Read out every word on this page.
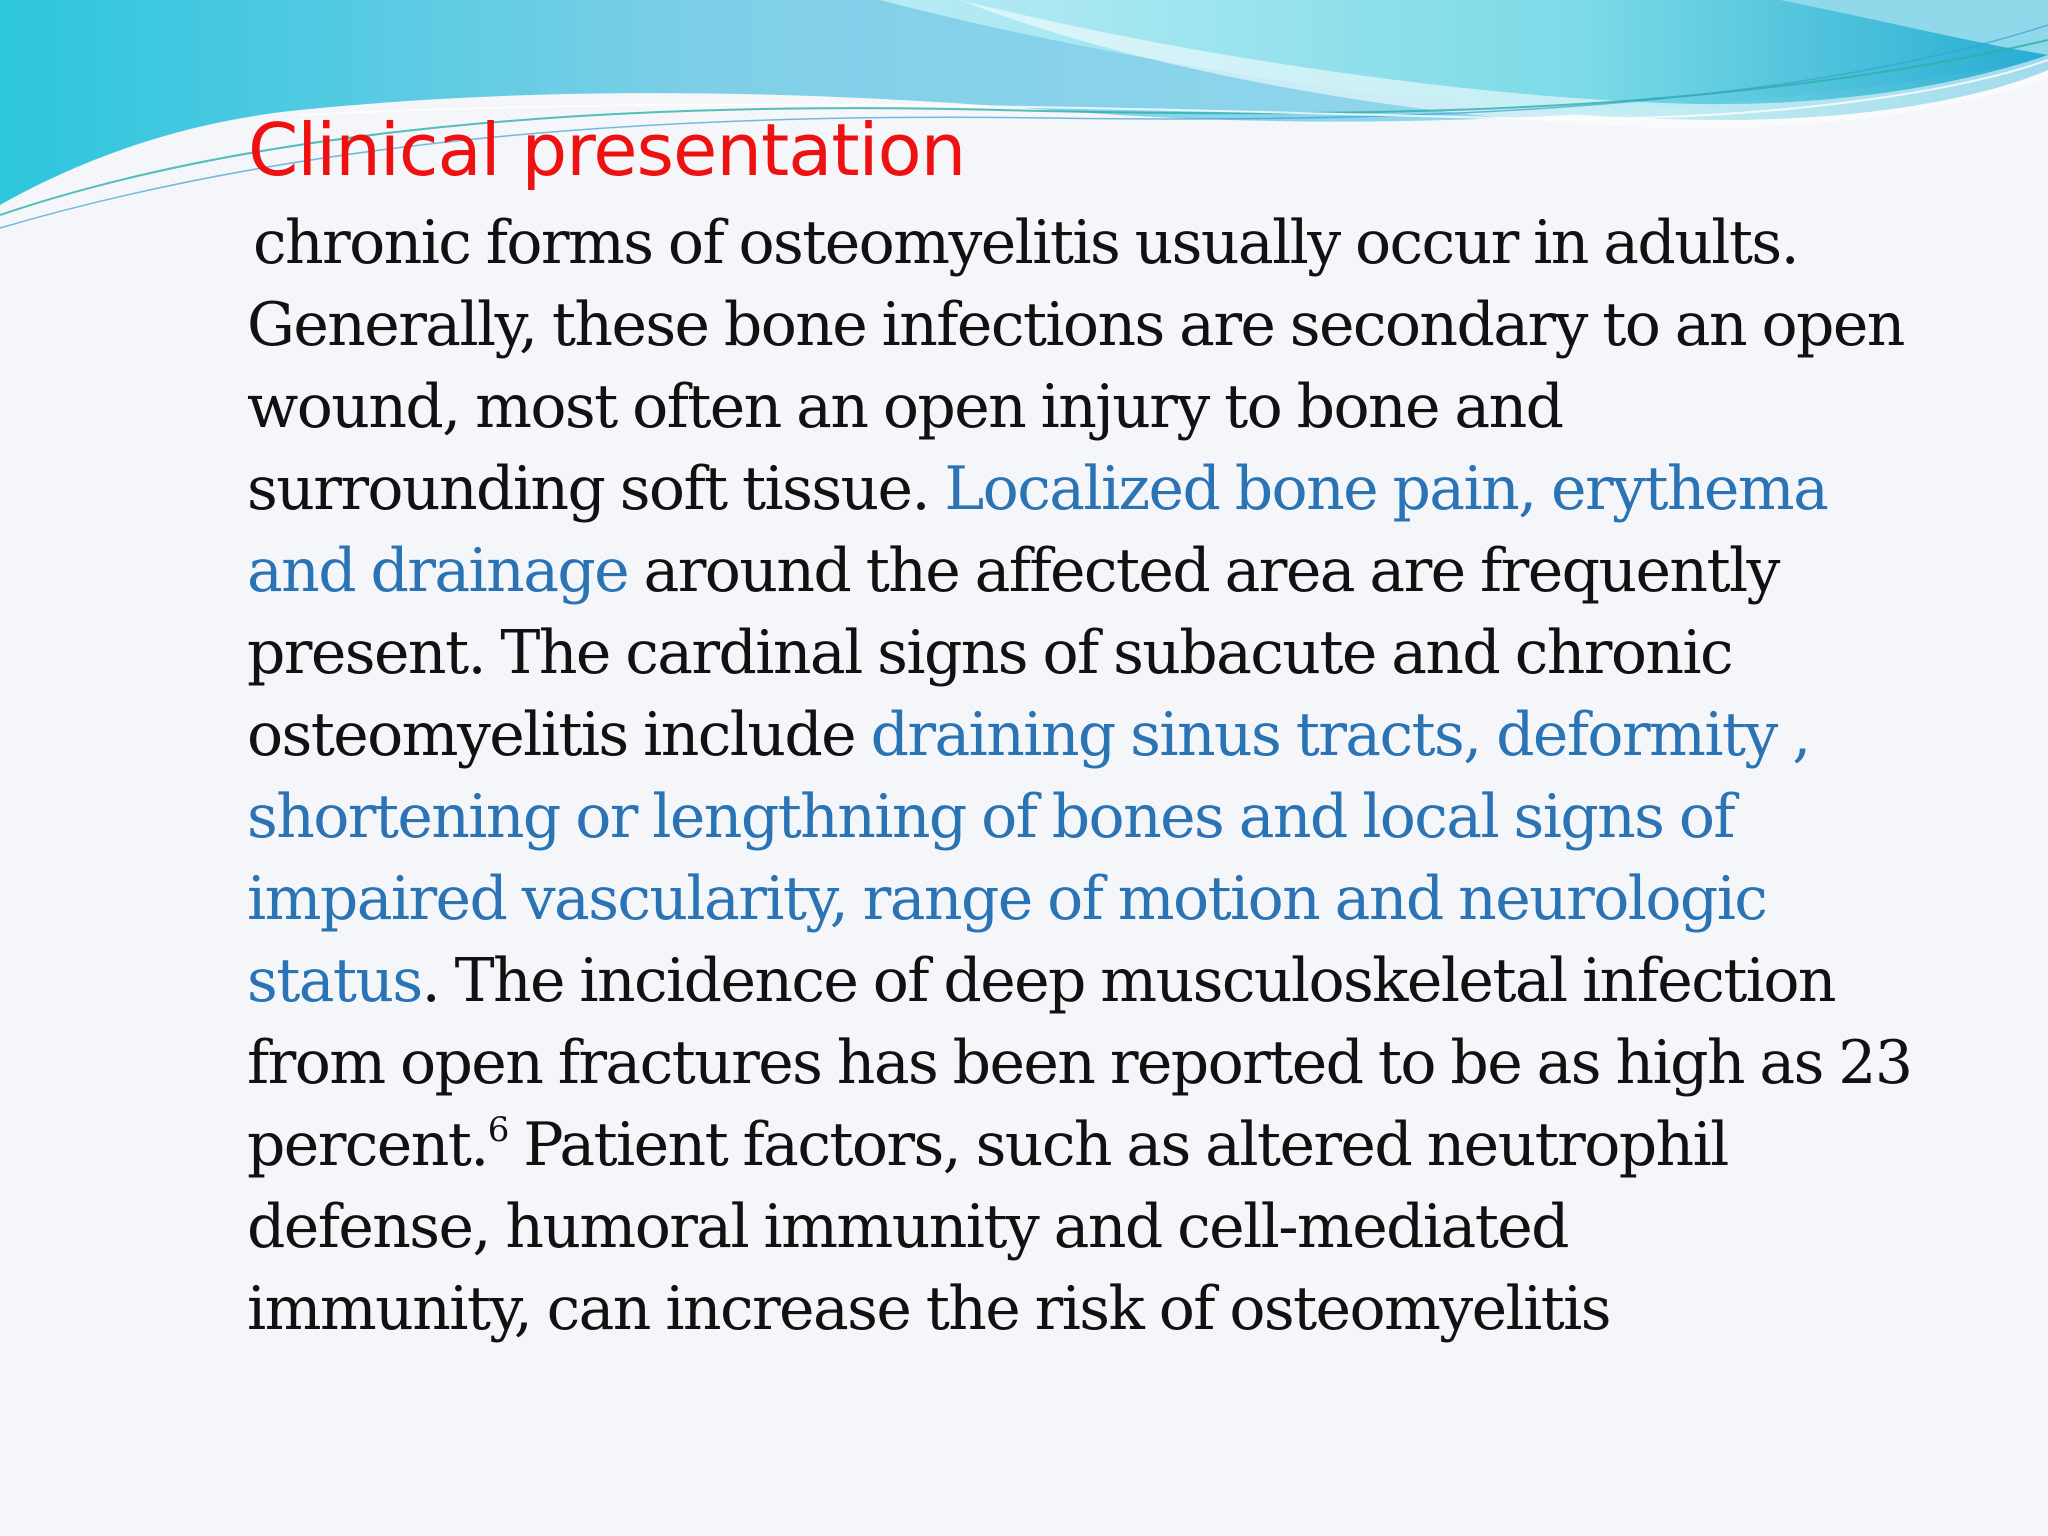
Clinical presentation
chronic forms of osteomyelitis usually occur in adults.
Generally, these bone infections are secondary to an open
wound, most often an open injury to bone and
surrounding soft tissue. Localized bone pain, erythema
and drainage around the affected area are frequently
present. The cardinal signs of subacute and chronic
osteomyelitis include draining sinus tracts, deformity ,
shortening or lengthning of bones and local signs of
impaired vascularity, range of motion and neurologic
status. The incidence of deep musculoskeletal infection
from open fractures has been reported to be as high as 23
percent.$^6$ Patient factors, such as altered neutrophil
defense, humoral immunity and cell-mediated
immunity, can increase the risk of osteomyelitis
